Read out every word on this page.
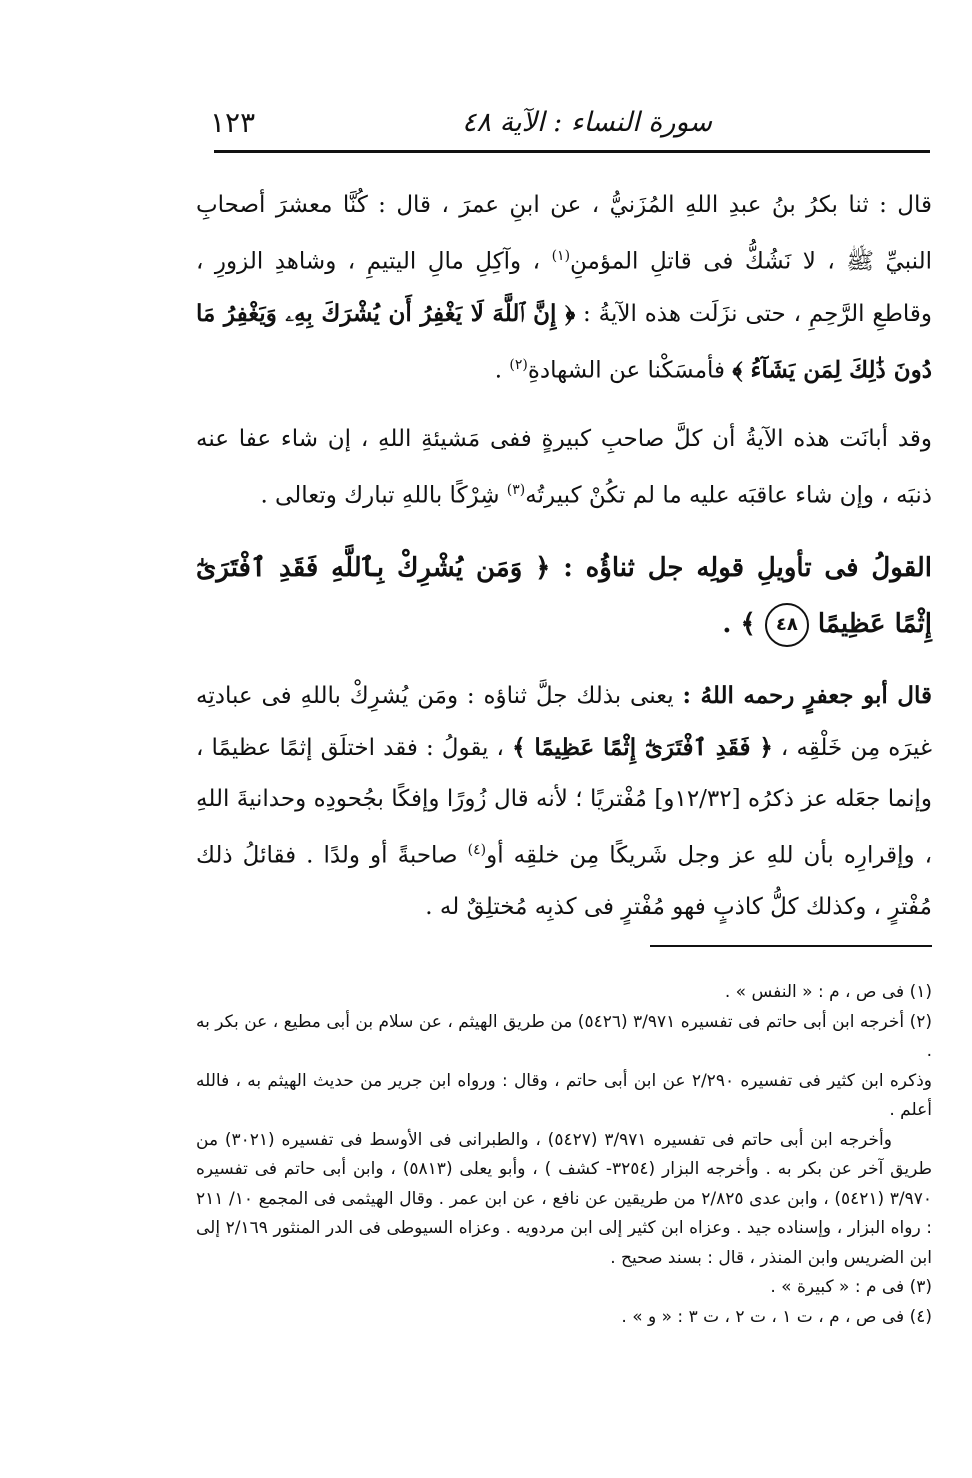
سورة النساء : الآية ٤٨
١٢٣

قال : ثنا بكرُ بنُ عبدِ اللهِ المُزَنيُّ ، عن ابنِ عمرَ ، قال : كُنَّا معشرَ أصحابِ النبيِّ ﷺ ، لا نَشُكُّ فى قاتلِ المؤمنِ$^{(١)}$ ، وآكِلِ مالِ اليتيمِ ، وشاهدِ الزورِ ، وقاطعِ الرَّحِمِ ، حتى نزَلَت هذه الآيةُ : ﴿ إِنَّ ٱللَّهَ لَا يَغْفِرُ أَن يُشْرَكَ بِهِۦ وَيَغْفِرُ مَا دُونَ ذَٰلِكَ لِمَن يَشَآءُ ﴾ فأمسَكْنا عن الشهادةِ$^{(٢)}$ .

وقد أبانَت هذه الآيةُ أن كلَّ صاحبِ كبيرةٍ ففى مَشيئةِ اللهِ ، إن شاء عفا عنه ذنبَه ، وإن شاء عاقبَه عليه ما لم تكُنْ كبيرتُه$^{(٣)}$ شِرْكًا باللهِ تبارك وتعالى .

القولُ فى تأويلِ قولِه جل ثناؤُه : ﴿ وَمَن يُشْرِكْ بِٱللَّهِ فَقَدِ ٱفْتَرَىٰٓ إِثْمًا عَظِيمًا ٤٨ ﴾ .

قال أبو جعفرٍ رحمه اللهُ : يعنى بذلك جلَّ ثناؤه : ومَن يُشرِكْ باللهِ فى عبادتِه غيرَه مِن خَلْقِه ، ﴿ فَقَدِ ٱفْتَرَىٰٓ إِثْمًا عَظِيمًا ﴾ ، يقولُ : فقد اختلَق إثمًا عظيمًا ، وإنما جعَله عز ذكرُه [١٢/٣٢و] مُفْتريًا ؛ لأنه قال زُورًا وإفكًا بجُحودِه وحدانيةَ اللهِ ، وإقرارِه بأن للهِ عز وجل شَريكًا مِن خلقِه أو$^{(٤)}$ صاحبةً أو ولدًا . فقائلُ ذلك مُفْترٍ ، وكذلك كلُّ كاذبٍ فهو مُفْترٍ فى كذبِه مُختلِقٌ له .

(١) فى ص ، م : « النفس » .

(٢) أخرجه ابن أبى حاتم فى تفسيره ٣/٩٧١ (٥٤٢٦) من طريق الهيثم ، عن سلام بن أبى مطيع ، عن بكر به .

وذكره ابن كثير فى تفسيره ٢/٢٩٠ عن ابن أبى حاتم ، وقال : ورواه ابن جرير من حديث الهيثم به ، فالله أعلم .

وأخرجه ابن أبى حاتم فى تفسيره ٣/٩٧١ (٥٤٢٧) ، والطبرانى فى الأوسط فى تفسيره (٣٠٢١) من طريق آخر عن بكر به . وأخرجه البزار (٣٢٥٤- كشف ) ، وأبو يعلى (٥٨١٣) ، وابن أبى حاتم فى تفسيره ٣/٩٧٠ (٥٤٢١) ، وابن عدى ٢/٨٢٥ من طريقين عن نافع ، عن ابن عمر . وقال الهيثمى فى المجمع ١٠/ ٢١١ : رواه البزار ، وإسناده جيد . وعزاه ابن كثير إلى ابن مردويه . وعزاه السيوطى فى الدر المنثور ٢/١٦٩ إلى ابن الضريس وابن المنذر ، قال : بسند صحيح .

(٣) فى م : « كبيرة » .

(٤) فى ص ، م ، ت ١ ، ت ٢ ، ت ٣ : « و » .
